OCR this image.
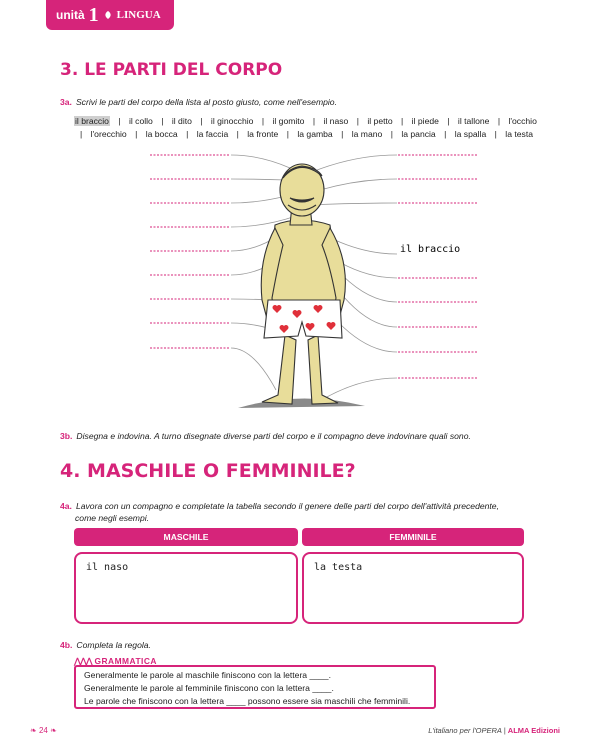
unità 1 LINGUA
3. LE PARTI DEL CORPO
3a. Scrivi le parti del corpo della lista al posto giusto, come nell'esempio.
il braccio | il collo | il dito | il ginocchio | il gomito | il naso | il petto | il piede | il tallone | l'occhio | l'orecchio | la bocca | la faccia | la fronte | la gamba | la mano | la pancia | la spalla | la testa
il braccio
3b. Disegna e indovina. A turno disegnate diverse parti del corpo e il compagno deve indovinare quali sono.
4. MASCHILE O FEMMINILE?
4a. Lavora con un compagno e completate la tabella secondo il genere delle parti del corpo dell'attività precedente,
come negli esempi.
MASCHILE	FEMMINILE
il naso	la testa
4b. Completa la regola.
⋀⋀⋀ GRAMMATICA
Generalmente le parole al maschile finiscono con la lettera ____.
Generalmente le parole al femminile finiscono con la lettera ____.
Le parole che finiscono con la lettera ____ possono essere sia maschili che femminili.
❧ 24 ❧	L'italiano per l'OPERA | ALMA Edizioni
